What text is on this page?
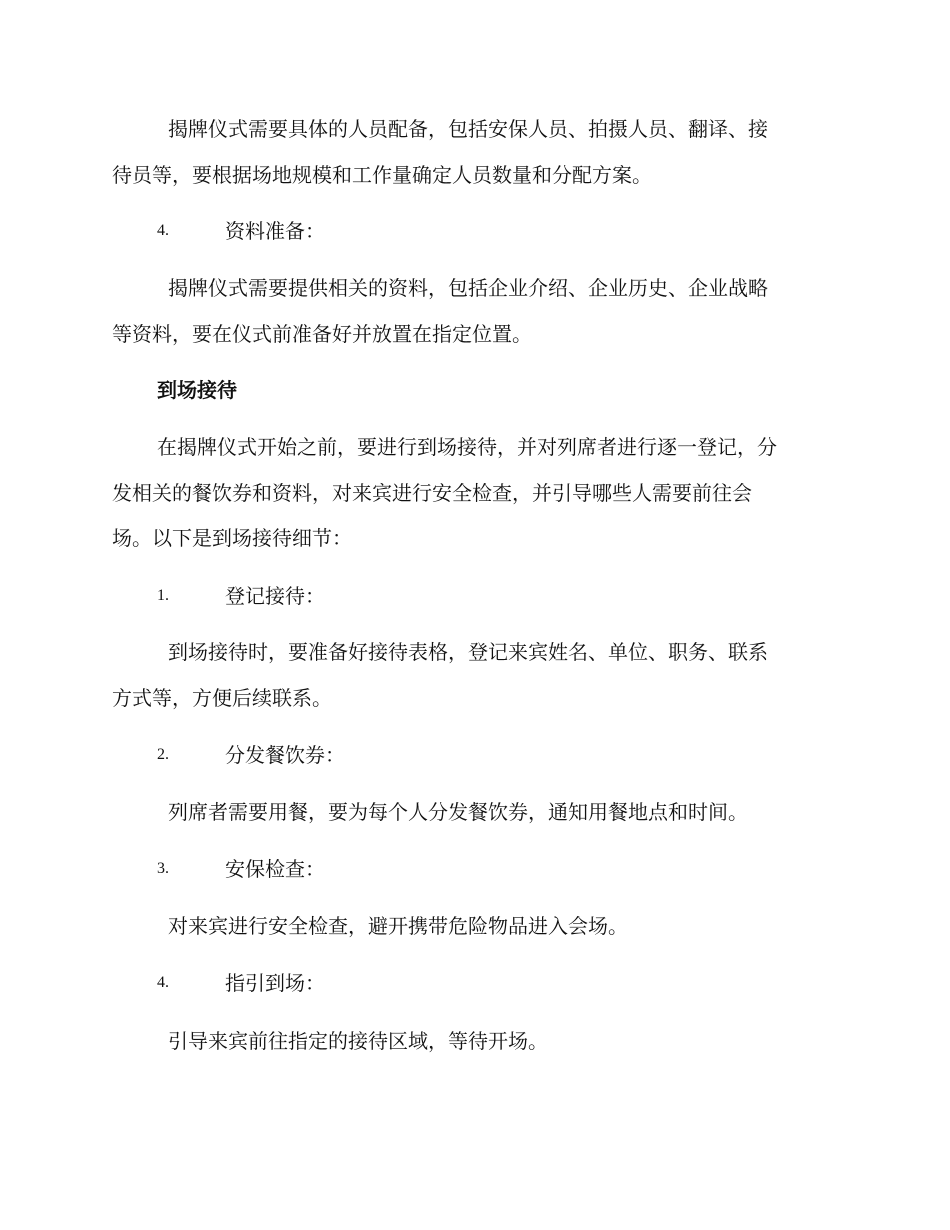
揭牌仪式需要具体的人员配备，包括安保人员、拍摄人员、翻译、接

待员等，要根据场地规模和工作量确定人员数量和分配方案。

4.	资料准备：

揭牌仪式需要提供相关的资料，包括企业介绍、企业历史、企业战略

等资料，要在仪式前准备好并放置在指定位置。

到场接待

在揭牌仪式开始之前，要进行到场接待，并对列席者进行逐一登记，分

发相关的餐饮券和资料，对来宾进行安全检查，并引导哪些人需要前往会

场。以下是到场接待细节：

1.	登记接待：

到场接待时，要准备好接待表格，登记来宾姓名、单位、职务、联系

方式等，方便后续联系。

2.	分发餐饮券：

列席者需要用餐，要为每个人分发餐饮券，通知用餐地点和时间。

3.	安保检查：

对来宾进行安全检查，避开携带危险物品进入会场。

4.	指引到场：

引导来宾前往指定的接待区域，等待开场。
